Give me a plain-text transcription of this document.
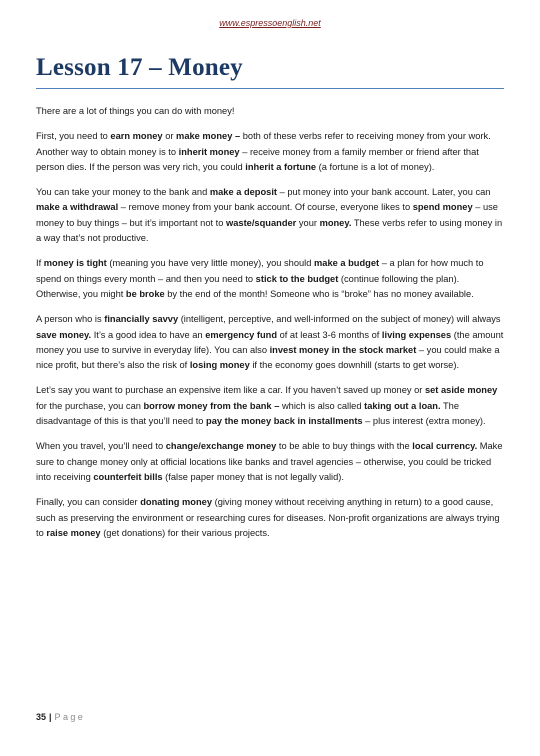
www.espressoenglish.net
Lesson 17 – Money

There are a lot of things you can do with money!

First, you need to earn money or make money – both of these verbs refer to receiving money from your work. Another way to obtain money is to inherit money – receive money from a family member or friend after that person dies. If the person was very rich, you could inherit a fortune (a fortune is a lot of money).

You can take your money to the bank and make a deposit – put money into your bank account. Later, you can make a withdrawal – remove money from your bank account. Of course, everyone likes to spend money – use money to buy things – but it’s important not to waste/squander your money. These verbs refer to using money in a way that’s not productive.

If money is tight (meaning you have very little money), you should make a budget – a plan for how much to spend on things every month – and then you need to stick to the budget (continue following the plan). Otherwise, you might be broke by the end of the month! Someone who is “broke” has no money available.

A person who is financially savvy (intelligent, perceptive, and well-informed on the subject of money) will always save money. It’s a good idea to have an emergency fund of at least 3-6 months of living expenses (the amount money you use to survive in everyday life). You can also invest money in the stock market – you could make a nice profit, but there’s also the risk of losing money if the economy goes downhill (starts to get worse).

Let’s say you want to purchase an expensive item like a car. If you haven’t saved up money or set aside money for the purchase, you can borrow money from the bank – which is also called taking out a loan. The disadvantage of this is that you’ll need to pay the money back in installments – plus interest (extra money).

When you travel, you’ll need to change/exchange money to be able to buy things with the local currency. Make sure to change money only at official locations like banks and travel agencies – otherwise, you could be tricked into receiving counterfeit bills (false paper money that is not legally valid).

Finally, you can consider donating money (giving money without receiving anything in return) to a good cause, such as preserving the environment or researching cures for diseases. Non-profit organizations are always trying to raise money (get donations) for their various projects.

35 | Page
